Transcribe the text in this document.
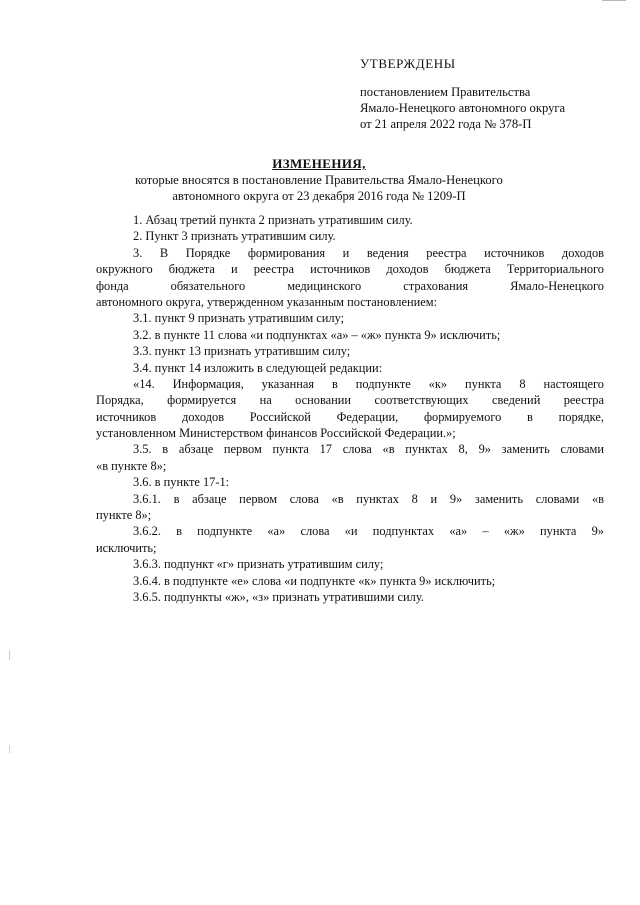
УТВЕРЖДЕНЫ
постановлением Правительства
Ямало-Ненецкого автономного округа
от 21 апреля 2022 года № 378-П
ИЗМЕНЕНИЯ,
которые вносятся в постановление Правительства Ямало-Ненецкого
автономного округа от 23 декабря 2016 года № 1209-П
1. Абзац третий пункта 2 признать утратившим силу.
2. Пункт 3 признать утратившим силу.
3. В Порядке формирования и ведения реестра источников доходов
окружного бюджета и реестра источников доходов бюджета Территориального
фонда обязательного медицинского страхования Ямало-Ненецкого
автономного округа, утвержденном указанным постановлением:
3.1. пункт 9 признать утратившим силу;
3.2. в пункте 11 слова «и подпунктах «а» – «ж» пункта 9» исключить;
3.3. пункт 13 признать утратившим силу;
3.4. пункт 14 изложить в следующей редакции:
«14. Информация, указанная в подпункте «к» пункта 8 настоящего
Порядка, формируется на основании соответствующих сведений реестра
источников доходов Российской Федерации, формируемого в порядке,
установленном Министерством финансов Российской Федерации.»;
3.5. в абзаце первом пункта 17 слова «в пунктах 8, 9» заменить словами
«в пункте 8»;
3.6. в пункте 17-1:
3.6.1. в абзаце первом слова «в пунктах 8 и 9» заменить словами «в
пункте 8»;
3.6.2. в подпункте «а» слова «и подпунктах «а» – «ж» пункта 9»
исключить;
3.6.3. подпункт «г» признать утратившим силу;
3.6.4. в подпункте «е» слова «и подпункте «к» пункта 9» исключить;
3.6.5. подпункты «ж», «з» признать утратившими силу.
